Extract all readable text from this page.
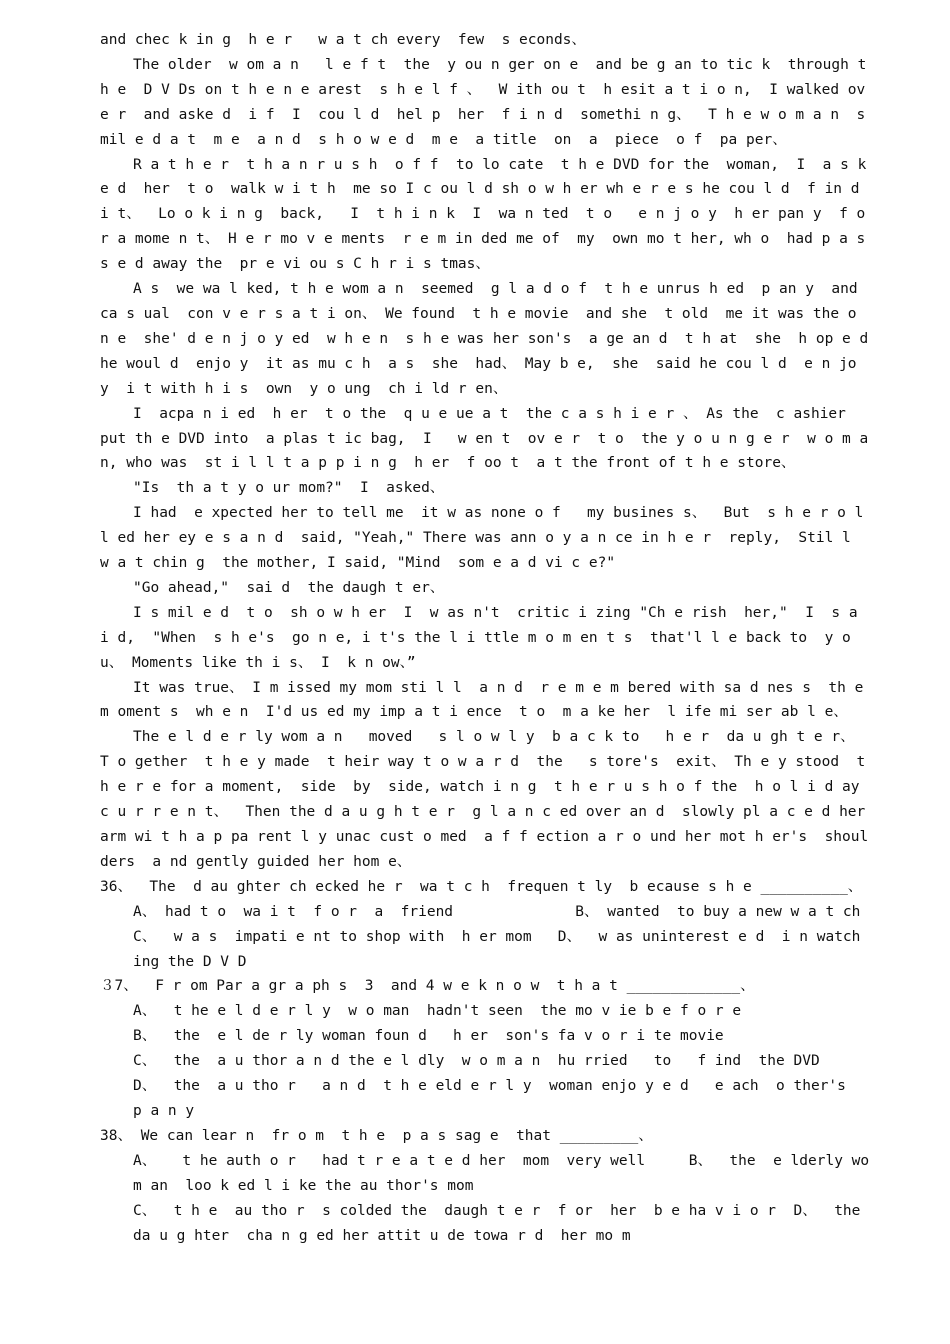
and chec k in g  h e r   w a t ch every  few  s econds、

The older  w om a n   l e f t  the  y ou n ger on e  and be g an to tic k  through th e  D V Ds on t h e n e arest  s h e l f 、  W ith ou t  h esit a t i o n,  I walked ov e r  and aske d  i f  I  cou l d  hel p  her  f i n d  somethi n g、  T h e w o m a n  s mil e d a t  m e  a n d  s h o w e d  m e  a title  on  a  piece  o f  pa per、

R a t h e r  t h a n r u s h  o f f  to lo cate  t h e DVD for the  woman,  I  a s ke d  her  t o  walk w i t h  me so I c ou l d sh o w h er wh e r e s he cou l d  f in d  i t、  Lo o k i n g  back,   I  t h i n k  I  wa n ted  t o   e n j o y  h er pan y  f or a mome n t、 H e r mo v e ments  r e m in ded me of  my  own mo t her, wh o  had p a s s e d away the  pr e vi ou s C h r i s tmas、

A s  we wa l ked, t h e wom a n  seemed  g l a d o f  t h e unrus h ed  p an y  and ca s ual  con v e r s a t i on、 We found  t h e movie  and she  t old  me it was the o n e  she' d e n j o y ed  w h e n  s h e was her son's  a ge an d  t h at  she  h op e d he woul d  enjo y  it as mu c h  a s  she  had、 May b e,  she  said he cou l d  e n jo y  i t with h i s  own  y o ung  ch i ld r en、

I  acpa n i ed  h er  t o the  q u e ue a t  the c a s h i e r 、 As the  c ashier  put th e DVD into  a plas t ic bag,  I   w en t  ov e r  t o  the y o u n g e r  w o m a n, who was  st i l l t a p p i n g  h er  f oo t  a t the front of t h e store、

"Is  th a t y o ur mom?"  I  asked、

I had  e xpected her to tell me  it w as none o f   my busines s、  But  s h e r o l l ed her ey e s a n d  said, "Yeah," There was ann o y a n ce in h e r  reply,  Stil l  w a t chin g  the mother, I said, "Mind  som e a d vi c e?"

"Go ahead,"  sai d  the daugh t er、

I s mil e d  t o  sh o w h er  I  w as n't  critic i zing "Ch e rish  her,"  I  s a i d,  "When  s h e's  go n e, i t's the l i ttle m o m en t s  that'l l e back to  y ou、 Moments like th i s、 I  k n ow、”

It was true、 I m issed my mom sti l l  a n d  r e m e m bered with sa d nes s  th e  m oment s  wh e n  I'd us ed my imp a t i ence  t o  m a ke her  l ife mi ser ab l e、

The e l d e r ly wom a n   moved   s l o w l y  b a c k to   h e r  da u gh t e r、  T o gether  t h e y made  t heir way t o w a r d  the   s tore's  exit、 Th e y stood  t h e r e for a moment,  side  by  side, watch i n g  t h e r u s h o f the  h o l i d ay  c u r r e n t、  Then the d a u g h t e r  g l a n c ed over an d  slowly pl a c e d her arm wi t h a p pa rent l y unac cust o med  a f f ection a r o und her mot h er's  shoulders  a nd gently guided her hom e、

36、  The  d au ghter ch ecked he r  wa t c h  frequen t ly  b ecause s h e __________、

A、 had t o  wa i t  f o r  a  friend              B、 wanted  to buy a new w a t ch

C、  w a s  impati e nt to shop with  h er mom   D、  w as uninterest e d  i n watch ing the D V D

３7、  F r om Par a gr a ph s  3  and 4 w e k n o w  t h a t _____________、

A、  t he e l d e r l y  w o man  hadn't seen  the mo v ie b e f o r e

B、  the  e l de r ly woman foun d   h er  son's fa v o r i te movie

C、  the  a u thor a n d the e l dly  w o m a n  hu rried   to   f ind  the DVD

D、  the  a u tho r   a n d  t h e eld e r l y  woman enjo y e d   e ach  o ther's  p a n y

38、 We can lear n  fr o m  t h e  p a s sag e  that _________、

A、   t he auth o r   had t r e a t e d her  mom  very well     B、  the  e lderly wo m an  loo k ed l i ke the au thor's mom

C、  t h e  au tho r  s colded the  daugh t e r  f or  her  b e ha v i o r  D、  the da u g hter  cha n g ed her attit u de towa r d  her mo m
